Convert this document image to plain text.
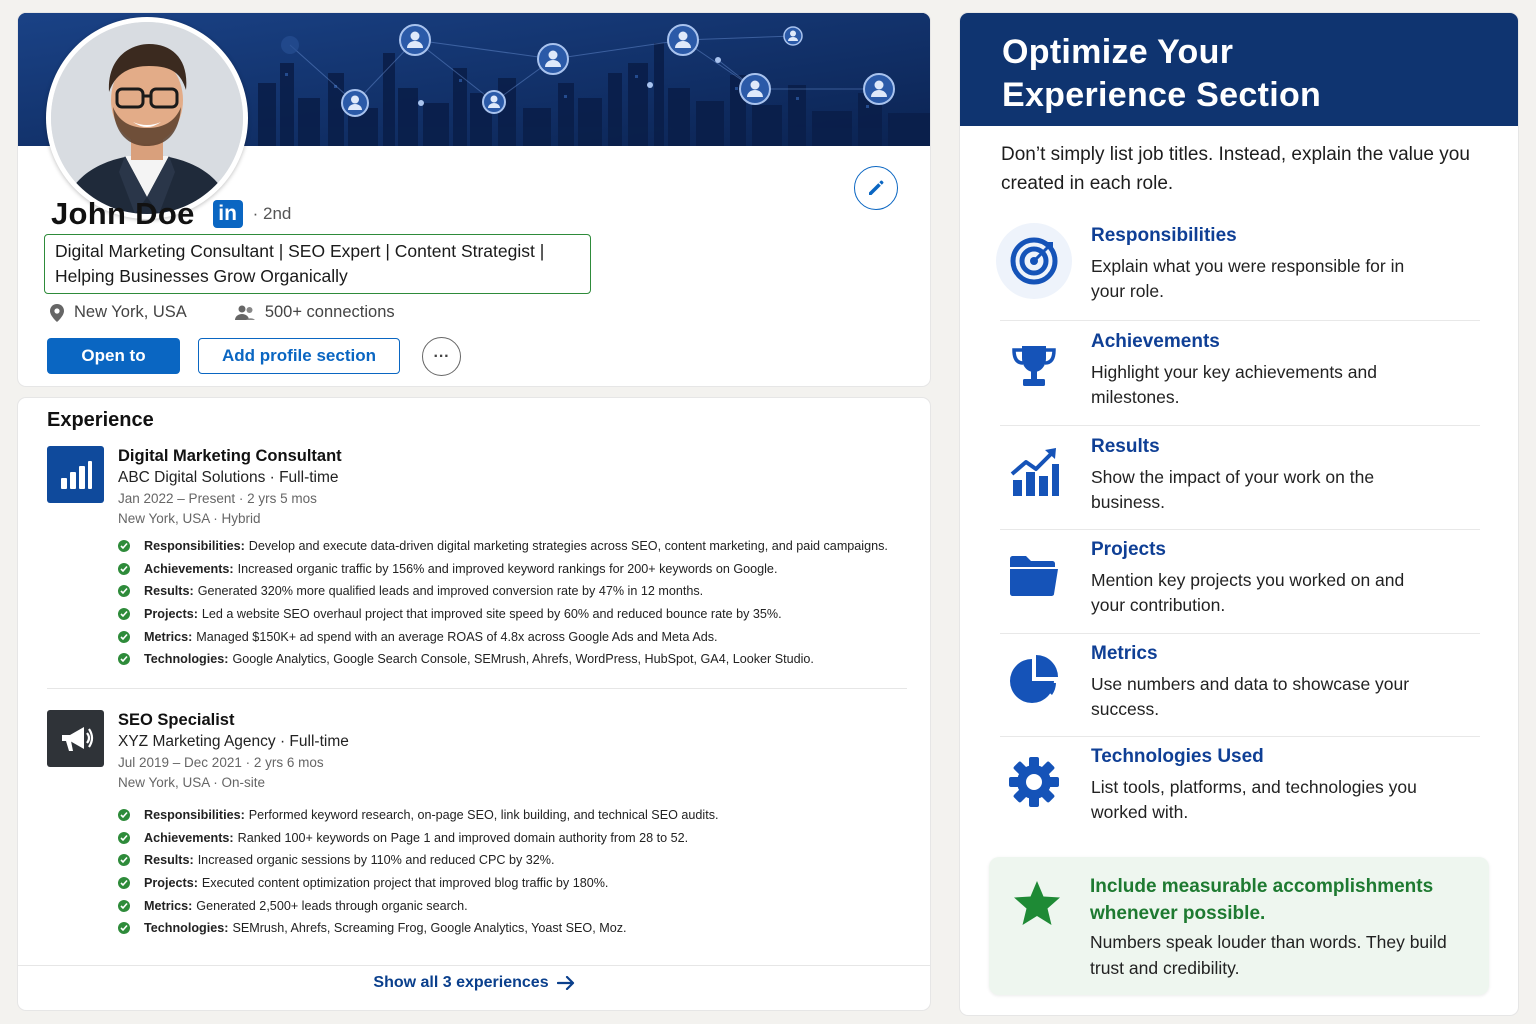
John Doe in · 2nd
Digital Marketing Consultant | SEO Expert | Content Strategist | Helping Businesses Grow Organically
New York, USA	500+ connections
Open to	Add profile section	···
Experience
Digital Marketing Consultant
ABC Digital Solutions · Full-time
Jan 2022 – Present · 2 yrs 5 mos
New York, USA · Hybrid
Responsibilities: Develop and execute data-driven digital marketing strategies across SEO, content marketing, and paid campaigns.
Achievements: Increased organic traffic by 156% and improved keyword rankings for 200+ keywords on Google.
Results: Generated 320% more qualified leads and improved conversion rate by 47% in 12 months.
Projects: Led a website SEO overhaul project that improved site speed by 60% and reduced bounce rate by 35%.
Metrics: Managed $150K+ ad spend with an average ROAS of 4.8x across Google Ads and Meta Ads.
Technologies: Google Analytics, Google Search Console, SEMrush, Ahrefs, WordPress, HubSpot, GA4, Looker Studio.
SEO Specialist
XYZ Marketing Agency · Full-time
Jul 2019 – Dec 2021 · 2 yrs 6 mos
New York, USA · On-site
Responsibilities: Performed keyword research, on-page SEO, link building, and technical SEO audits.
Achievements: Ranked 100+ keywords on Page 1 and improved domain authority from 28 to 52.
Results: Increased organic sessions by 110% and reduced CPC by 32%.
Projects: Executed content optimization project that improved blog traffic by 180%.
Metrics: Generated 2,500+ leads through organic search.
Technologies: SEMrush, Ahrefs, Screaming Frog, Google Analytics, Yoast SEO, Moz.
Show all 3 experiences
Optimize Your
Experience Section
Don’t simply list job titles. Instead, explain the value you created in each role.
Responsibilities
Explain what you were responsible for in your role.
Achievements
Highlight your key achievements and milestones.
Results
Show the impact of your work on the business.
Projects
Mention key projects you worked on and your contribution.
Metrics
Use numbers and data to showcase your success.
Technologies Used
List tools, platforms, and technologies you worked with.
Include measurable accomplishments whenever possible.
Numbers speak louder than words. They build trust and credibility.
